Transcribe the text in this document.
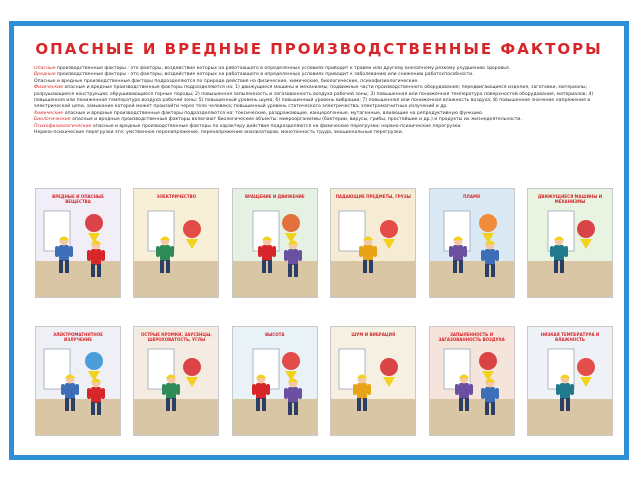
ОПАСНЫЕ И ВРЕДНЫЕ ПРОИЗВОДСТВЕННЫЕ ФАКТОРЫ

Опасные производственные факторы - это факторы, воздействие которых на работающего в определенных условиях приводит к травме или другому внезапному резкому ухудшению здоровья.

Вредные производственные факторы - это факторы, воздействие которых на работающего в определенных условиях приводит к заболеванию или снижению работоспособности.

Опасные и вредные производственные факторы подразделяются по природе действия на физические, химические, биологические, психофизиологические.

Физические опасные и вредные производственные факторы подразделяются на: 1) движущиеся машины и механизмы; подвижные части производственного оборудования; передвигающиеся изделия, заготовки, материалы; разрушающиеся конструкции; обрушивающиеся горные породы; 2) повышенная запыленность и загазованность воздуха рабочей зоны; 3) повышенная или пониженная температура поверхностей оборудования, материалов; 4) повышенная или пониженная температура воздуха рабочей зоны; 5) повышенный уровень шума; 6) повышенный уровень вибрации; 7) повышенная или пониженная влажность воздуха; 8) повышенное значение напряжения в электрической цепи, замыкание которой может произойти через тело человека; повышенный уровень статического электричества, электромагнитных излучений и др.

Химические опасные и вредные производственные факторы подразделяются на: токсические, раздражающие, канцерогенные, мутагенные, влияющие на репродуктивную функцию.

Биологические опасные и вредные производственные факторы включают биологические объекты: микроорганизмы (бактерии, вирусы, грибы, простейшие и др.) и продукты их жизнедеятельности.

Психофизиологические опасные и вредные производственные факторы по характеру действия подразделяются на физические перегрузки; нервно-психические перегрузки.

Нервно-психические перегрузки это: умственное перенапряжение, перенапряжение анализаторов, монотонность труда, эмоциональные перегрузки.

ВРЕДНЫЕ И ОПАСНЫЕ ВЕЩЕСТВА
ЭЛЕКТРИЧЕСТВО	ВРАЩЕНИЕ И ДВИЖЕНИЕ	ПАДАЮЩИЕ ПРЕДМЕТЫ, ГРУЗЫ	ПЛАМЯ	ДВИЖУЩИЕСЯ МАШИНЫ И МЕХАНИЗМЫ
ЭЛЕКТРОМАГНИТНОЕ ИЗЛУЧЕНИЕ
ОСТРЫЕ КРОМКИ, ЗАУСЕНЦЫ, ШЕРОХОВАТОСТЬ, УГЛЫ
ВЫСОТА	ШУМ И ВИБРАЦИЯ	ЗАПЫЛЕННОСТЬ И ЗАГАЗОВАННОСТЬ ВОЗДУХА
НИЗКАЯ ТЕМПЕРАТУРА И ВЛАЖНОСТЬ
